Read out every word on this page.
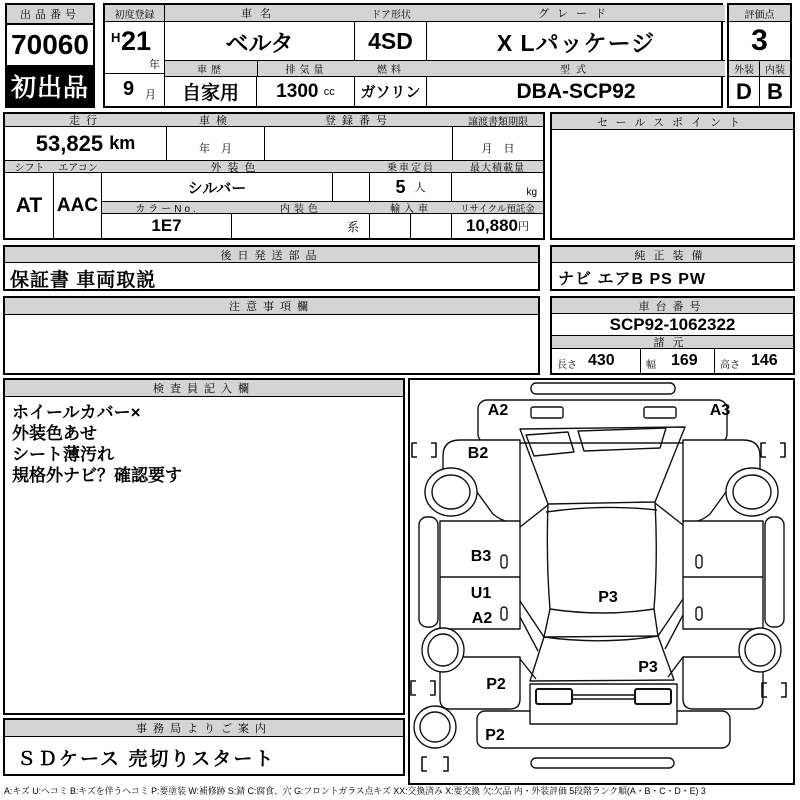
出品番号
70060
初出品
初度登録
H 21
年
9 月
車名
ベルタ
車歴
自家用
排気量
1300
cc
ドア形状
4SD
燃料
ガソリン
グレード
X Lパッケージ
型式
DBA-SCP92
評価点
3
外装	内装
D B
走行
53,825
km
車検
年　月
登録番号	譲渡書類期限
月　日
シフト
AT
エアコン
AAC
外装色
シルバー
カラーNo.
1E7
内装色
系
乗車定員
5
人
輸入車
最大積載量
kg
リサイクル預託金
10,880 円
セールスポイント
後日発送部品
保証書 車両取説
純正装備
ナビ エアB PS PW
注意事項欄	車台番号
SCP92-1062322
諸元
長さ 430	幅 169 高さ 146
検査員記入欄
ホイールカバー×
外装色あせ
シート薄汚れ
規格外ナビ？確認要す
事務局よりご案内
ＳＤケース 売切りスタート
A2	A3
B2
B3
U1
A2
P3
P3
P2
P2
A:キズ U:ヘコミ B:キズを伴うヘコミ P:要塗装 W:補修跡 S:錆 C:腐食、穴 G:フロントガラス点キズ XX:交換済み X:要交換 欠:欠品 内・外装評価 5段階ランク順(A・B・C・D・E) 3
